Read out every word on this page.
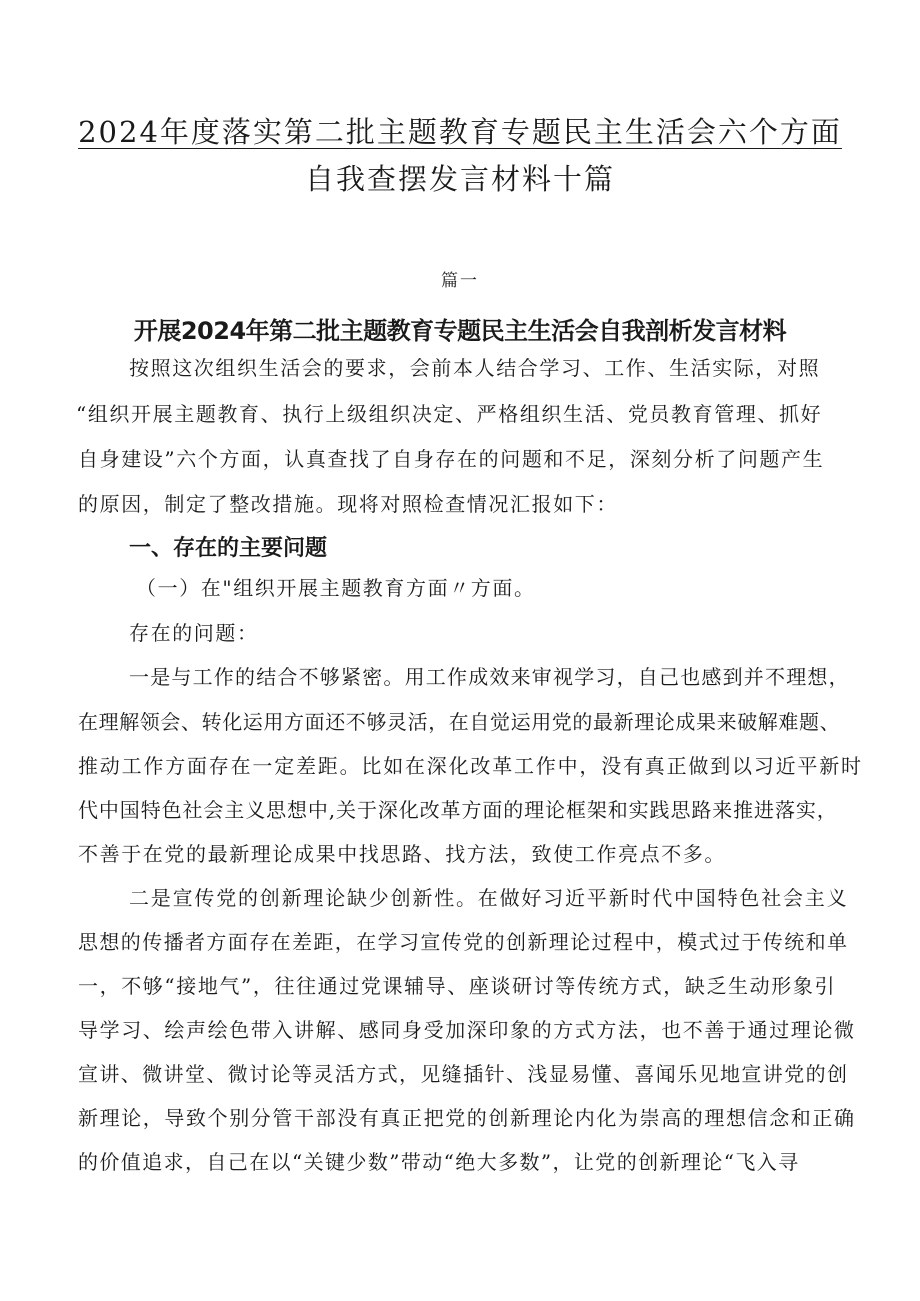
2024年度落实第二批主题教育专题民主生活会六个方面
自我查摆发言材料十篇
篇一
开展2024年第二批主题教育专题民主生活会自我剖析发言材料
按照这次组织生活会的要求，会前本人结合学习、工作、生活实际，对照
“组织开展主题教育、执行上级组织决定、严格组织生活、党员教育管理、抓好
自身建设”六个方面，认真查找了自身存在的问题和不足，深刻分析了问题产生
的原因，制定了整改措施。现将对照检查情况汇报如下：
一、存在的主要问题
（一）在"组织开展主题教育方面〃方面。
存在的问题：
一是与工作的结合不够紧密。用工作成效来审视学习，自己也感到并不理想，
在理解领会、转化运用方面还不够灵活，在自觉运用党的最新理论成果来破解难题、
推动工作方面存在一定差距。比如在深化改革工作中，没有真正做到以习近平新时
代中国特色社会主义思想中,关于深化改革方面的理论框架和实践思路来推进落实，
不善于在党的最新理论成果中找思路、找方法，致使工作亮点不多。
二是宣传党的创新理论缺少创新性。在做好习近平新时代中国特色社会主义
思想的传播者方面存在差距，在学习宣传党的创新理论过程中，模式过于传统和单
一，不够“接地气”，往往通过党课辅导、座谈研讨等传统方式，缺乏生动形象引
导学习、绘声绘色带入讲解、感同身受加深印象的方式方法，也不善于通过理论微
宣讲、微讲堂、微讨论等灵活方式，见缝插针、浅显易懂、喜闻乐见地宣讲党的创
新理论，导致个别分管干部没有真正把党的创新理论内化为崇高的理想信念和正确
的价值追求，自己在以“关键少数”带动“绝大多数”，让党的创新理论“飞入寻
